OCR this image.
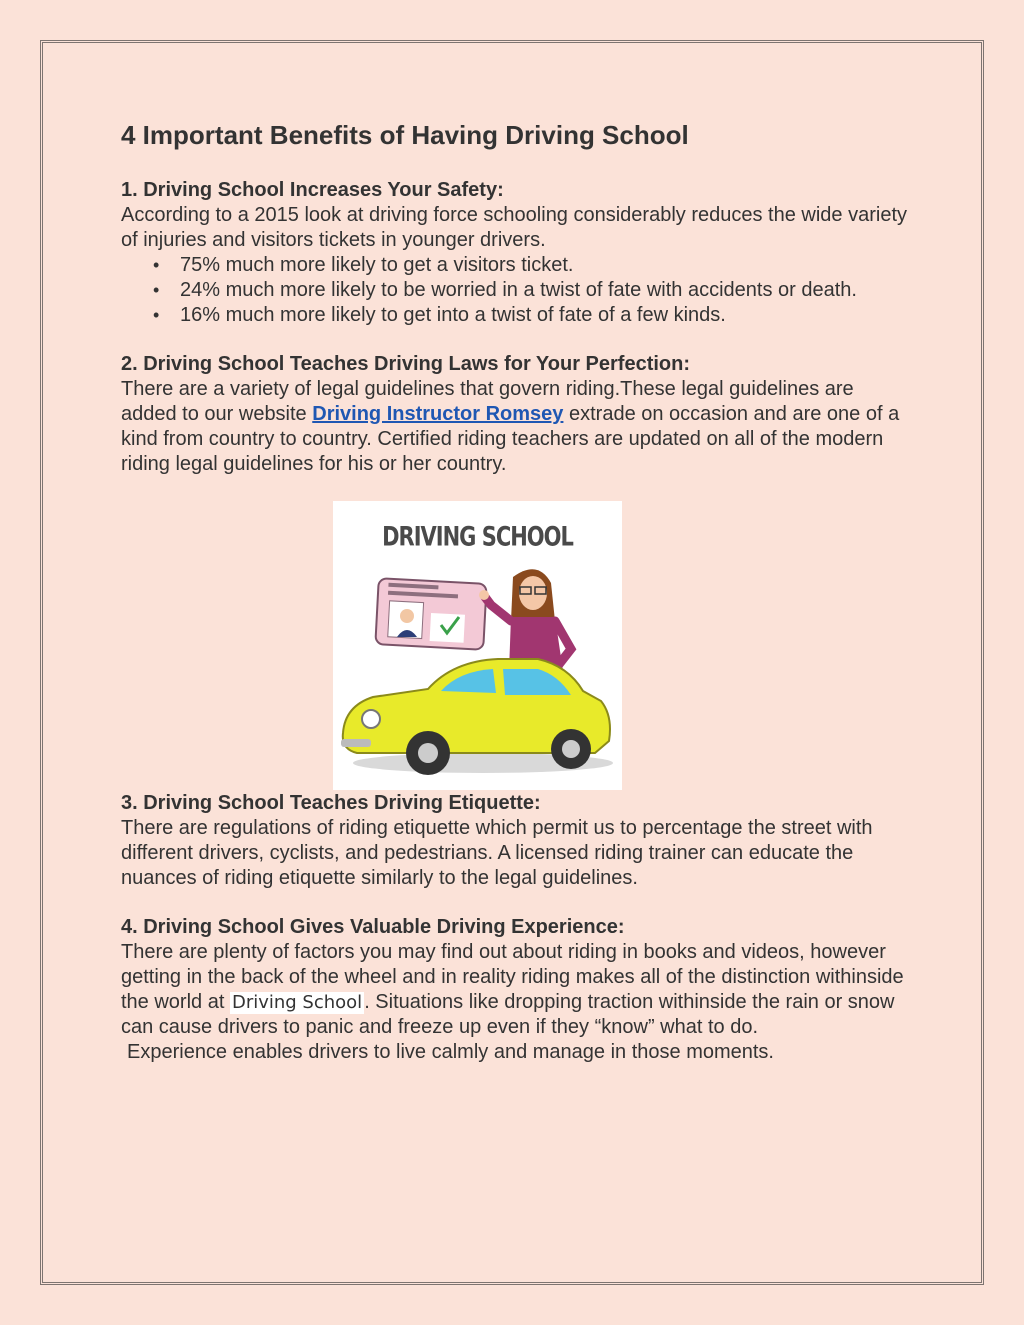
4 Important Benefits of Having Driving School
1. Driving School Increases Your Safety:

According to a 2015 look at driving force schooling considerably reduces the wide variety of injuries and visitors tickets in younger drivers.

• 75% much more likely to get a visitors ticket.
• 24% much more likely to be worried in a twist of fate with accidents or death.
• 16% much more likely to get into a twist of fate of a few kinds.
2. Driving School Teaches Driving Laws for Your Perfection:

There are a variety of legal guidelines that govern riding.These legal guidelines are added to our website Driving Instructor Romsey extrade on occasion and are one of a kind from country to country. Certified riding teachers are updated on all of the modern riding legal guidelines for his or her country.

DRIVING SCHOOL
3. Driving School Teaches Driving Etiquette:

There are regulations of riding etiquette which permit us to percentage the street with different drivers, cyclists, and pedestrians. A licensed riding trainer can educate the nuances of riding etiquette similarly to the legal guidelines.

4. Driving School Gives Valuable Driving Experience:

There are plenty of factors you may find out about riding in books and videos, however getting in the back of the wheel and in reality riding makes all of the distinction withinside the world at Driving School . Situations like dropping traction withinside the rain or snow can cause drivers to panic and freeze up even if they “know” what to do.

Experience enables drivers to live calmly and manage in those moments.
